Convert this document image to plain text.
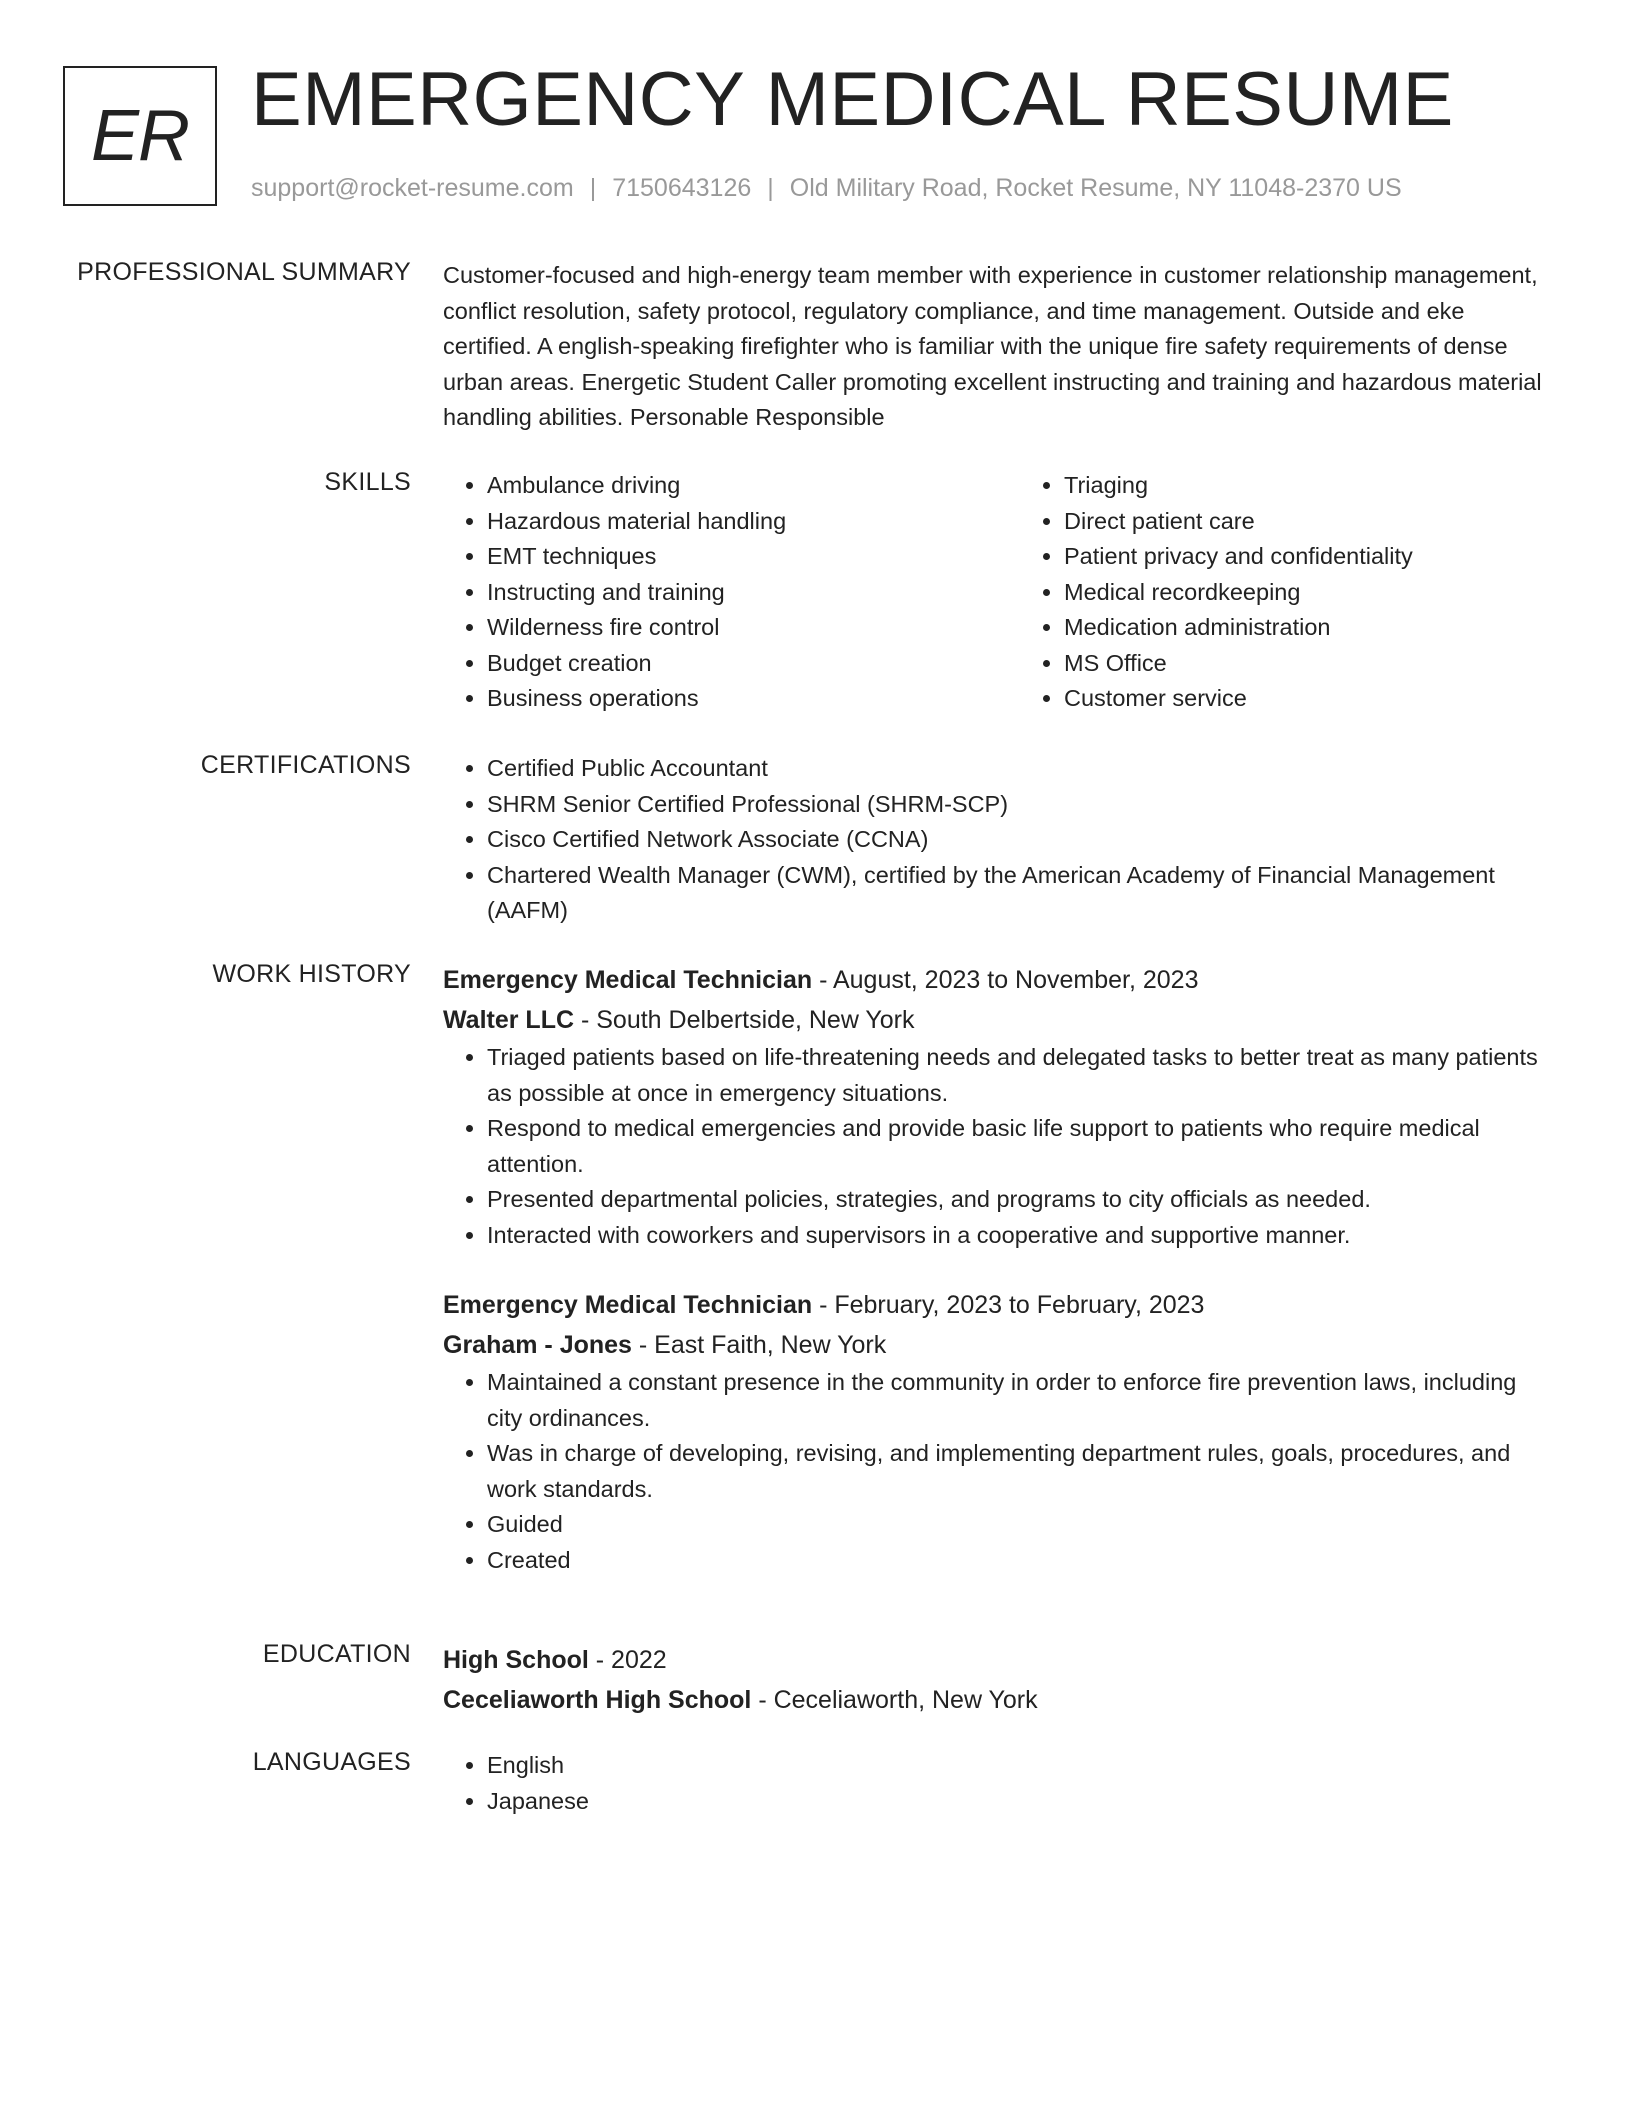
ER EMERGENCY MEDICAL RESUME
support@rocket-resume.com | 7150643126 | Old Military Road, Rocket Resume, NY 11048-2370 US
PROFESSIONAL SUMMARY Customer-focused and high-energy team member with experience in customer relationship management, conflict resolution, safety protocol, regulatory compliance, and time management. Outside and eke certified. A english-speaking firefighter who is familiar with the unique fire safety requirements of dense urban areas. Energetic Student Caller promoting excellent instructing and training and hazardous material handling abilities. Personable Responsible

SKILLS	• Ambulance driving
• Hazardous material handling
• EMT techniques
• Instructing and training
• Wilderness fire control
• Budget creation
• Business operations
• Triaging
• Direct patient care
• Patient privacy and confidentiality
• Medical recordkeeping
• Medication administration
• MS Office
• Customer service
CERTIFICATIONS	• Certified Public Accountant
• SHRM Senior Certified Professional (SHRM-SCP)
• Cisco Certified Network Associate (CCNA)
• Chartered Wealth Manager (CWM), certified by the American Academy of Financial Management (AAFM)
WORK HISTORY Emergency Medical Technician - August, 2023 to November, 2023
Walter LLC - South Delbertside, New York
• Triaged patients based on life-threatening needs and delegated tasks to better treat as many patients as possible at once in emergency situations.
• Respond to medical emergencies and provide basic life support to patients who require medical attention.
• Presented departmental policies, strategies, and programs to city officials as needed.
• Interacted with coworkers and supervisors in a cooperative and supportive manner.
Emergency Medical Technician - February, 2023 to February, 2023
Graham - Jones - East Faith, New York
• Maintained a constant presence in the community in order to enforce fire prevention laws, including city ordinances.
• Was in charge of developing, revising, and implementing department rules, goals, procedures, and work standards.
• Guided
• Created
EDUCATION High School - 2022
Ceceliaworth High School - Ceceliaworth, New York
LANGUAGES	• English
• Japanese
